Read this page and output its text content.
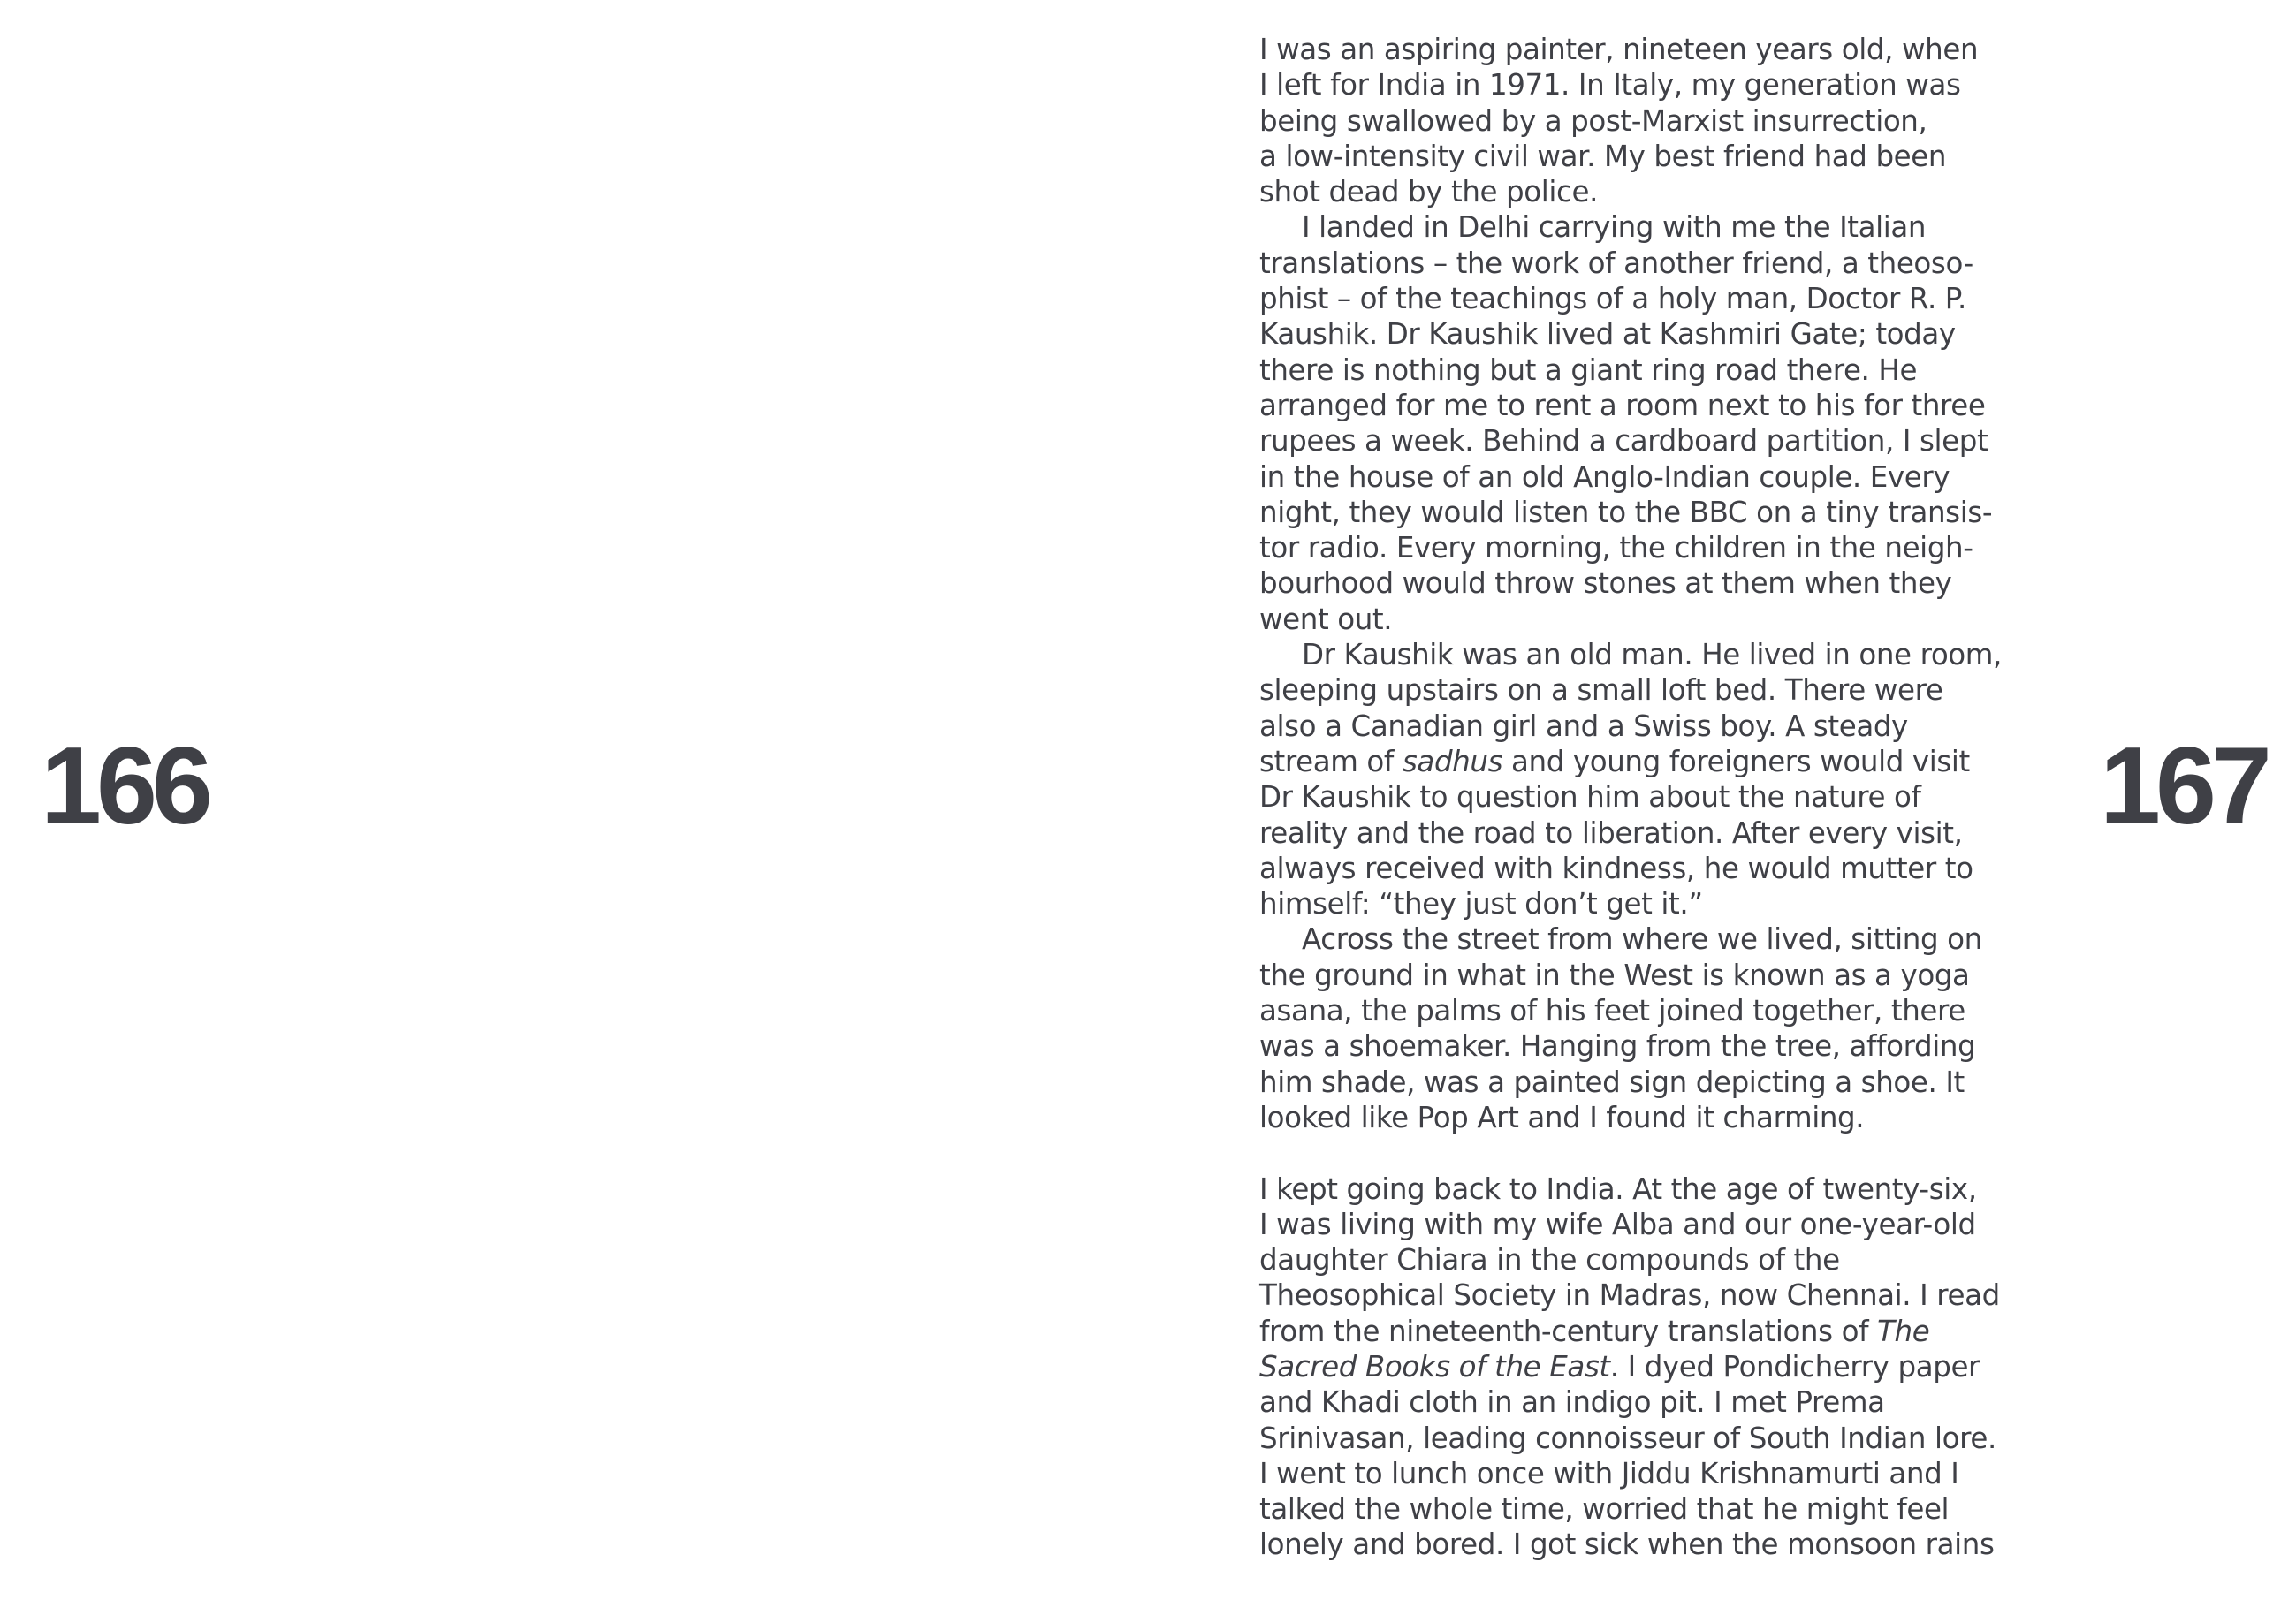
166
I was an aspiring painter, nineteen years old, when
I left for India in 1971. In Italy, my generation was
being swallowed by a post-Marxist insurrection,
a low-intensity civil war. My best friend had been
shot dead by the police.
I landed in Delhi carrying with me the Italian
translations – the work of another friend, a theoso-
phist – of the teachings of a holy man, Doctor R. P.
Kaushik. Dr Kaushik lived at Kashmiri Gate; today
there is nothing but a giant ring road there. He
arranged for me to rent a room next to his for three
rupees a week. Behind a cardboard partition, I slept
in the house of an old Anglo-Indian couple. Every
night, they would listen to the BBC on a tiny transis-
tor radio. Every morning, the children in the neigh-
bourhood would throw stones at them when they
went out.
Dr Kaushik was an old man. He lived in one room,
sleeping upstairs on a small loft bed. There were
also a Canadian girl and a Swiss boy. A steady
stream of sadhus and young foreigners would visit
Dr Kaushik to question him about the nature of
reality and the road to liberation. After every visit,
always received with kindness, he would mutter to
himself: “they just don’t get it.”
Across the street from where we lived, sitting on
the ground in what in the West is known as a yoga
asana, the palms of his feet joined together, there
was a shoemaker. Hanging from the tree, affording
him shade, was a painted sign depicting a shoe. It
looked like Pop Art and I found it charming.
I kept going back to India. At the age of twenty-six,
I was living with my wife Alba and our one-year-old
daughter Chiara in the compounds of the
Theosophical Society in Madras, now Chennai. I read
from the nineteenth-century translations of The
Sacred Books of the East. I dyed Pondicherry paper
and Khadi cloth in an indigo pit. I met Prema
Srinivasan, leading connoisseur of South Indian lore.
I went to lunch once with Jiddu Krishnamurti and I
talked the whole time, worried that he might feel
lonely and bored. I got sick when the monsoon rains
167
